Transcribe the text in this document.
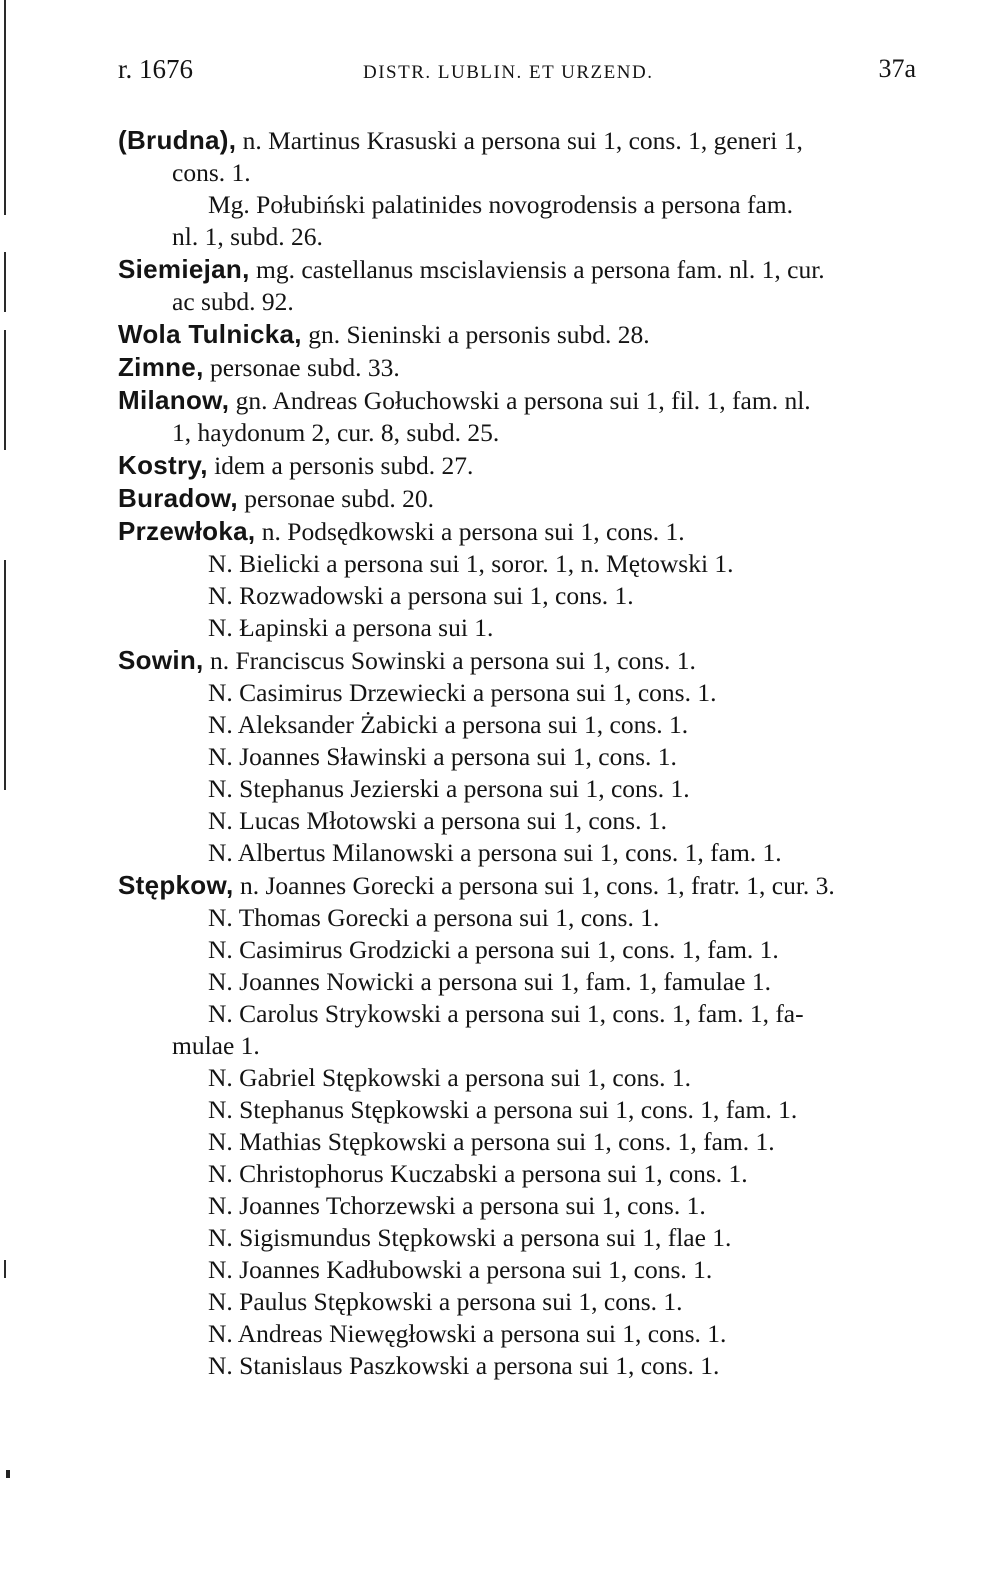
r. 1676	DISTR. LUBLIN. ET URZEND.	37a
(Brudna), n. Martinus Krasuski a persona sui 1, cons. 1, generi 1,
cons. 1.
Mg. Połubiński palatinides novogrodensis a persona fam.
nl. 1, subd. 26.
Siemiejan, mg. castellanus mscislaviensis a persona fam. nl. 1, cur.
ac subd. 92.
Wola Tulnicka, gn. Sieninski a personis subd. 28.
Zimne, personae subd. 33.
Milanow, gn. Andreas Gołuchowski a persona sui 1, fil. 1, fam. nl.
1, haydonum 2, cur. 8, subd. 25.
Kostry, idem a personis subd. 27.
Buradow, personae subd. 20.
Przewłoka, n. Podsędkowski a persona sui 1, cons. 1.
N. Bielicki a persona sui 1, soror. 1, n. Mętowski 1.
N. Rozwadowski a persona sui 1, cons. 1.
N. Łapinski a persona sui 1.
Sowin, n. Franciscus Sowinski a persona sui 1, cons. 1.
N. Casimirus Drzewiecki a persona sui 1, cons. 1.
N. Aleksander Żabicki a persona sui 1, cons. 1.
N. Joannes Sławinski a persona sui 1, cons. 1.
N. Stephanus Jezierski a persona sui 1, cons. 1.
N. Lucas Młotowski a persona sui 1, cons. 1.
N. Albertus Milanowski a persona sui 1, cons. 1, fam. 1.
Stępkow, n. Joannes Gorecki a persona sui 1, cons. 1, fratr. 1, cur. 3.
N. Thomas Gorecki a persona sui 1, cons. 1.
N. Casimirus Grodzicki a persona sui 1, cons. 1, fam. 1.
N. Joannes Nowicki a persona sui 1, fam. 1, famulae 1.
N. Carolus Strykowski a persona sui 1, cons. 1, fam. 1, fa-
mulae 1.
N. Gabriel Stępkowski a persona sui 1, cons. 1.
N. Stephanus Stępkowski a persona sui 1, cons. 1, fam. 1.
N. Mathias Stępkowski a persona sui 1, cons. 1, fam. 1.
N. Christophorus Kuczabski a persona sui 1, cons. 1.
N. Joannes Tchorzewski a persona sui 1, cons. 1.
N. Sigismundus Stępkowski a persona sui 1, flae 1.
N. Joannes Kadłubowski a persona sui 1, cons. 1.
N. Paulus Stępkowski a persona sui 1, cons. 1.
N. Andreas Niewęgłowski a persona sui 1, cons. 1.
N. Stanislaus Paszkowski a persona sui 1, cons. 1.
